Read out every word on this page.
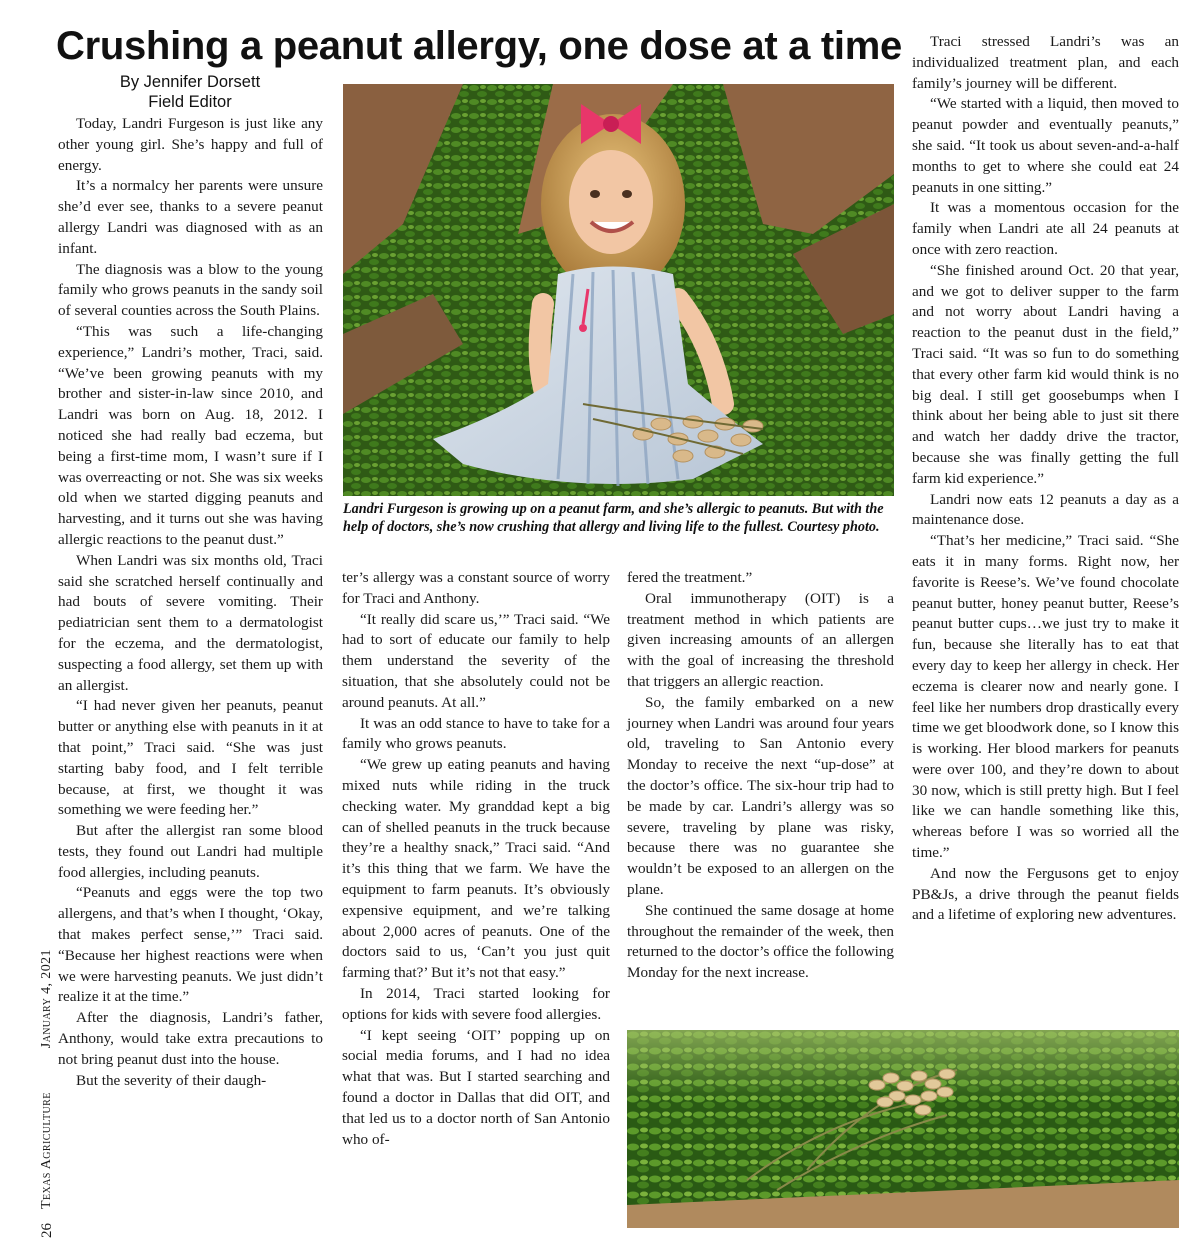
Crushing a peanut allergy, one dose at a time
By Jennifer Dorsett
Field Editor

Today, Landri Furgeson is just like any other young girl. She’s happy and full of energy.

It’s a normalcy her parents were unsure she’d ever see, thanks to a severe peanut allergy Landri was diagnosed with as an infant.

The diagnosis was a blow to the young family who grows peanuts in the sandy soil of several counties across the South Plains.

“This was such a life-changing experience,” Landri’s mother, Traci, said. “We’ve been growing peanuts with my brother and sister-in-law since 2010, and Landri was born on Aug. 18, 2012. I noticed she had really bad eczema, but being a first-time mom, I wasn’t sure if I was overreacting or not. She was six weeks old when we started digging peanuts and harvesting, and it turns out she was having allergic reactions to the peanut dust.”

When Landri was six months old, Traci said she scratched herself continually and had bouts of severe vomiting. Their pediatrician sent them to a dermatologist for the eczema, and the dermatologist, suspecting a food allergy, set them up with an allergist.

“I had never given her peanuts, peanut butter or anything else with peanuts in it at that point,” Traci said. “She was just starting baby food, and I felt terrible because, at first, we thought it was something we were feeding her.”

But after the allergist ran some blood tests, they found out Landri had multiple food allergies, including peanuts.

“Peanuts and eggs were the top two allergens, and that’s when I thought, ‘Okay, that makes perfect sense,’” Traci said. “Because her highest reactions were when we were harvesting peanuts. We just didn’t realize it at the time.”

After the diagnosis, Landri’s father, Anthony, would take extra precautions to not bring peanut dust into the house.

But the severity of their daugh-

Landri Furgeson is growing up on a peanut farm, and she’s allergic to peanuts. But with the help of doctors, she’s now crushing that allergy and living life to the fullest. Courtesy photo.

ter’s allergy was a constant source of worry for Traci and Anthony.

“It really did scare us,’” Traci said. “We had to sort of educate our family to help them understand the severity of the situation, that she absolutely could not be around peanuts. At all.”

It was an odd stance to have to take for a family who grows peanuts.

“We grew up eating peanuts and having mixed nuts while riding in the truck checking water. My granddad kept a big can of shelled peanuts in the truck because they’re a healthy snack,” Traci said. “And it’s this thing that we farm. We have the equipment to farm peanuts. It’s obviously expensive equipment, and we’re talking about 2,000 acres of peanuts. One of the doctors said to us, ‘Can’t you just quit farming that?’ But it’s not that easy.”

In 2014, Traci started looking for options for kids with severe food allergies.

“I kept seeing ‘OIT’ popping up on social media forums, and I had no idea what that was. But I started searching and found a doctor in Dallas that did OIT, and that led us to a doctor north of San Antonio who of-

fered the treatment.”

Oral immunotherapy (OIT) is a treatment method in which patients are given increasing amounts of an allergen with the goal of increasing the threshold that triggers an allergic reaction.

So, the family embarked on a new journey when Landri was around four years old, traveling to San Antonio every Monday to receive the next “up-dose” at the doctor’s office. The six-hour trip had to be made by car. Landri’s allergy was so severe, traveling by plane was risky, because there was no guarantee she wouldn’t be exposed to an allergen on the plane.

She continued the same dosage at home throughout the remainder of the week, then returned to the doctor’s office the following Monday for the next increase.

Traci stressed Landri’s was an individualized treatment plan, and each family’s journey will be different.

“We started with a liquid, then moved to peanut powder and eventually peanuts,” she said. “It took us about seven-and-a-half months to get to where she could eat 24 peanuts in one sitting.”

It was a momentous occasion for the family when Landri ate all 24 peanuts at once with zero reaction.

“She finished around Oct. 20 that year, and we got to deliver supper to the farm and not worry about Landri having a reaction to the peanut dust in the field,” Traci said. “It was so fun to do something that every other farm kid would think is no big deal. I still get goosebumps when I think about her being able to just sit there and watch her daddy drive the tractor, because she was finally getting the full farm kid experience.”

Landri now eats 12 peanuts a day as a maintenance dose.

“That’s her medicine,” Traci said. “She eats it in many forms. Right now, her favorite is Reese’s. We’ve found chocolate peanut butter, honey peanut butter, Reese’s peanut butter cups…we just try to make it fun, because she literally has to eat that every day to keep her allergy in check. Her eczema is clearer now and nearly gone. I feel like her numbers drop drastically every time we get bloodwork done, so I know this is working. Her blood markers for peanuts were over 100, and they’re down to about 30 now, which is still pretty high. But I feel like we can handle something like this, whereas before I was so worried all the time.”

And now the Fergusons get to enjoy PB&Js, a drive through the peanut fields and a lifetime of exploring new adventures.

26
Texas Agriculture
January 4, 2021
